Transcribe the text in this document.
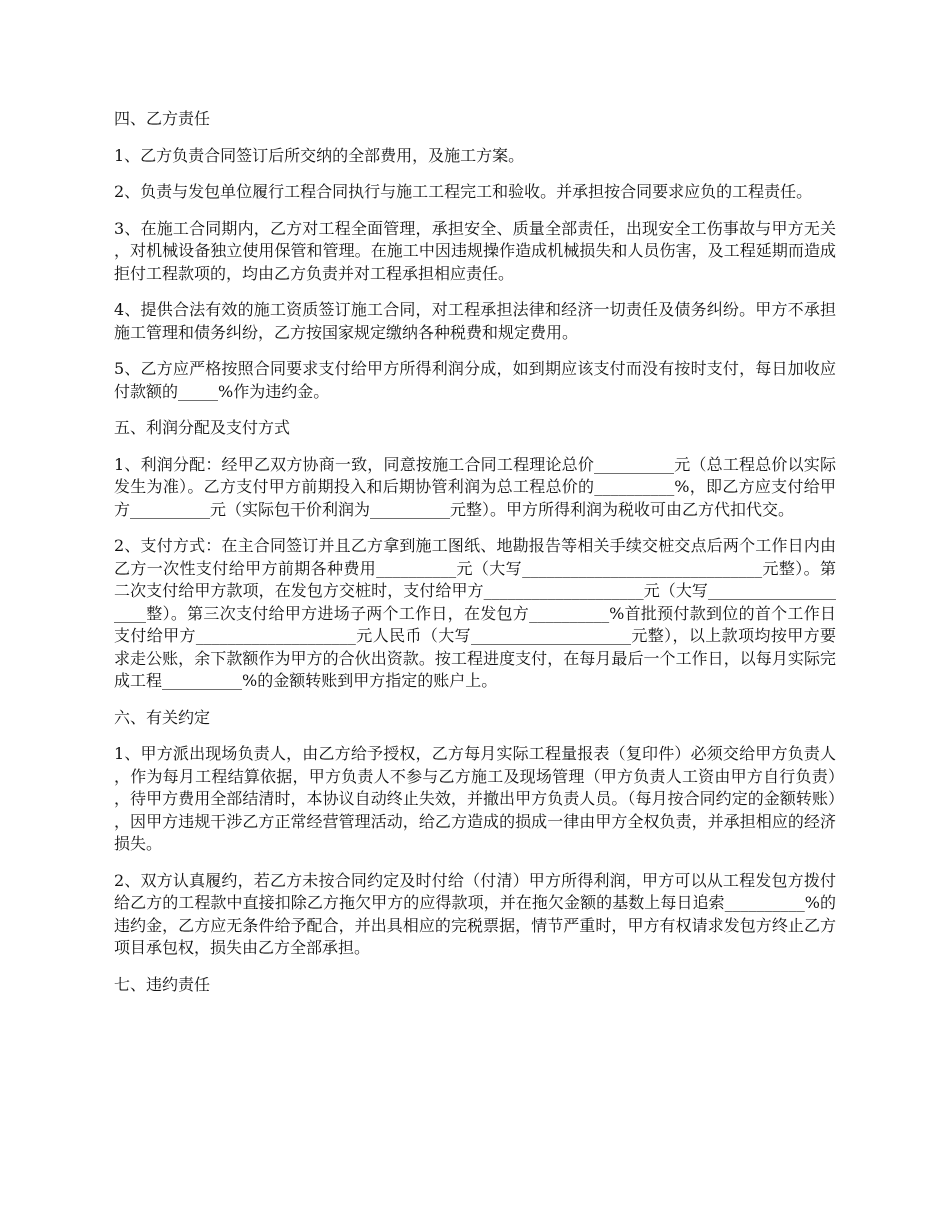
四、乙方责任

1、乙方负责合同签订后所交纳的全部费用，及施工方案。

2、负责与发包单位履行工程合同执行与施工工程完工和验收。并承担按合同要求应负的工程责任。

3、在施工合同期内，乙方对工程全面管理，承担安全、质量全部责任，出现安全工伤事故与甲方无关，对机械设备独立使用保管和管理。在施工中因违规操作造成机械损失和人员伤害，及工程延期而造成拒付工程款项的，均由乙方负责并对工程承担相应责任。

4、提供合法有效的施工资质签订施工合同，对工程承担法律和经济一切责任及债务纠纷。甲方不承担施工管理和债务纠纷，乙方按国家规定缴纳各种税费和规定费用。

5、乙方应严格按照合同要求支付给甲方所得利润分成，如到期应该支付而没有按时支付，每日加收应付款额的_____%作为违约金。

五、利润分配及支付方式

1、利润分配：经甲乙双方协商一致，同意按施工合同工程理论总价__________元（总工程总价以实际发生为准）。乙方支付甲方前期投入和后期协管利润为总工程总价的__________%，即乙方应支付给甲方__________元（实际包干价利润为__________元整）。甲方所得利润为税收可由乙方代扣代交。

2、支付方式：在主合同签订并且乙方拿到施工图纸、地勘报告等相关手续交桩交点后两个工作日内由乙方一次性支付给甲方前期各种费用__________元（大写______________________________元整）。第二次支付给甲方款项，在发包方交桩时，支付给甲方____________________元（大写____________________整）。第三次支付给甲方进场子两个工作日，在发包方__________%首批预付款到位的首个工作日支付给甲方____________________元人民币（大写____________________元整），以上款项均按甲方要求走公账，余下款额作为甲方的合伙出资款。按工程进度支付，在每月最后一个工作日，以每月实际完成工程__________%的金额转账到甲方指定的账户上。

六、有关约定

1、甲方派出现场负责人，由乙方给予授权，乙方每月实际工程量报表（复印件）必须交给甲方负责人，作为每月工程结算依据，甲方负责人不参与乙方施工及现场管理（甲方负责人工资由甲方自行负责），待甲方费用全部结清时，本协议自动终止失效，并撤出甲方负责人员。（每月按合同约定的金额转账），因甲方违规干涉乙方正常经营管理活动，给乙方造成的损成一律由甲方全权负责，并承担相应的经济损失。

2、双方认真履约，若乙方未按合同约定及时付给（付清）甲方所得利润，甲方可以从工程发包方拨付给乙方的工程款中直接扣除乙方拖欠甲方的应得款项，并在拖欠金额的基数上每日追索__________%的违约金，乙方应无条件给予配合，并出具相应的完税票据，情节严重时，甲方有权请求发包方终止乙方项目承包权，损失由乙方全部承担。

七、违约责任
